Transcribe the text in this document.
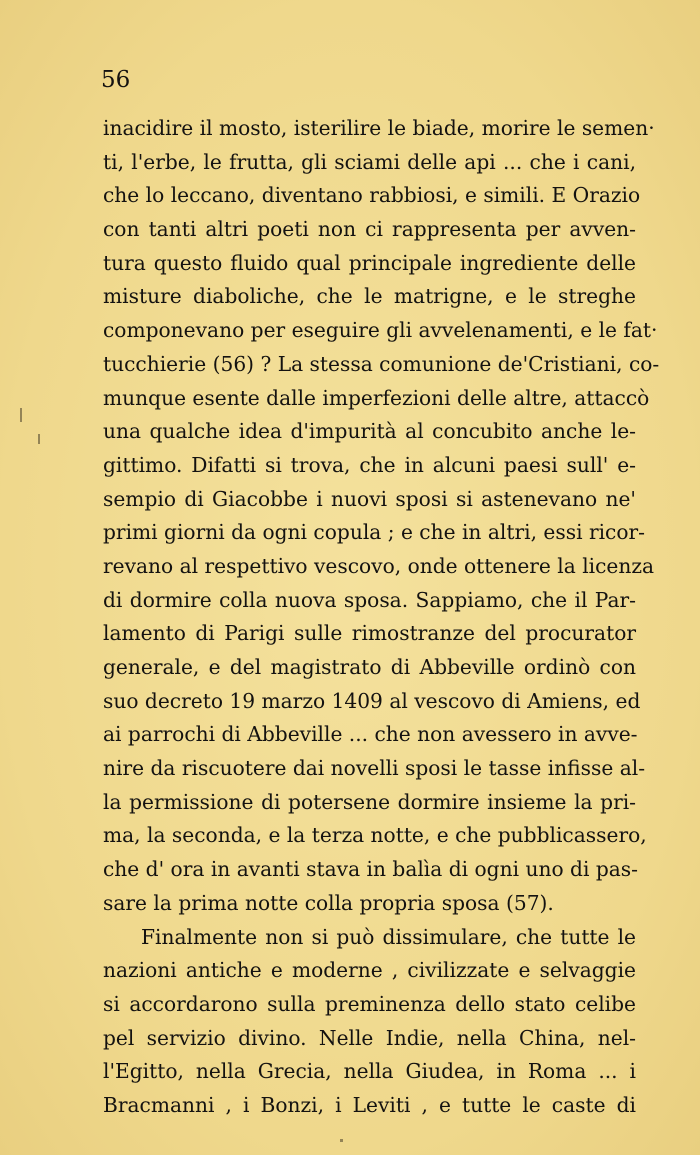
56
inacidire il mosto, isterilire le biade, morire le semen·
ti, l'erbe, le frutta, gli sciami delle api ... che i cani,
che lo leccano, diventano rabbiosi, e simili. E Orazio
con tanti altri poeti non ci rappresenta per avven-
tura questo fluido qual principale ingrediente delle
misture diaboliche, che le matrigne, e le streghe
componevano per eseguire gli avvelenamenti, e le fat·
tucchierie (56) ? La stessa comunione de'Cristiani, co-
munque esente dalle imperfezioni delle altre, attaccò
una qualche idea d'impurità al concubito anche le-
gittimo. Difatti si trova, che in alcuni paesi sull' e-
sempio di Giacobbe i nuovi sposi si astenevano ne'
primi giorni da ogni copula ; e che in altri, essi ricor-
revano al respettivo vescovo, onde ottenere la licenza
di dormire colla nuova sposa. Sappiamo, che il Par-
lamento di Parigi sulle rimostranze del procurator
generale, e del magistrato di Abbeville ordinò con
suo decreto 19 marzo 1409 al vescovo di Amiens, ed
ai parrochi di Abbeville ... che non avessero in avve-
nire da riscuotere dai novelli sposi le tasse infisse al-
la permissione di potersene dormire insieme la pri-
ma, la seconda, e la terza notte, e che pubblicassero,
che d' ora in avanti stava in balìa di ogni uno di pas-
sare la prima notte colla propria sposa (57).
Finalmente non si può dissimulare, che tutte le
nazioni antiche e moderne , civilizzate e selvaggie
si accordarono sulla preminenza dello stato celibe
pel servizio divino. Nelle Indie, nella China, nel-
l'Egitto, nella Grecia, nella Giudea, in Roma ... i
Bracmanni , i Bonzi, i Leviti , e tutte le caste di
